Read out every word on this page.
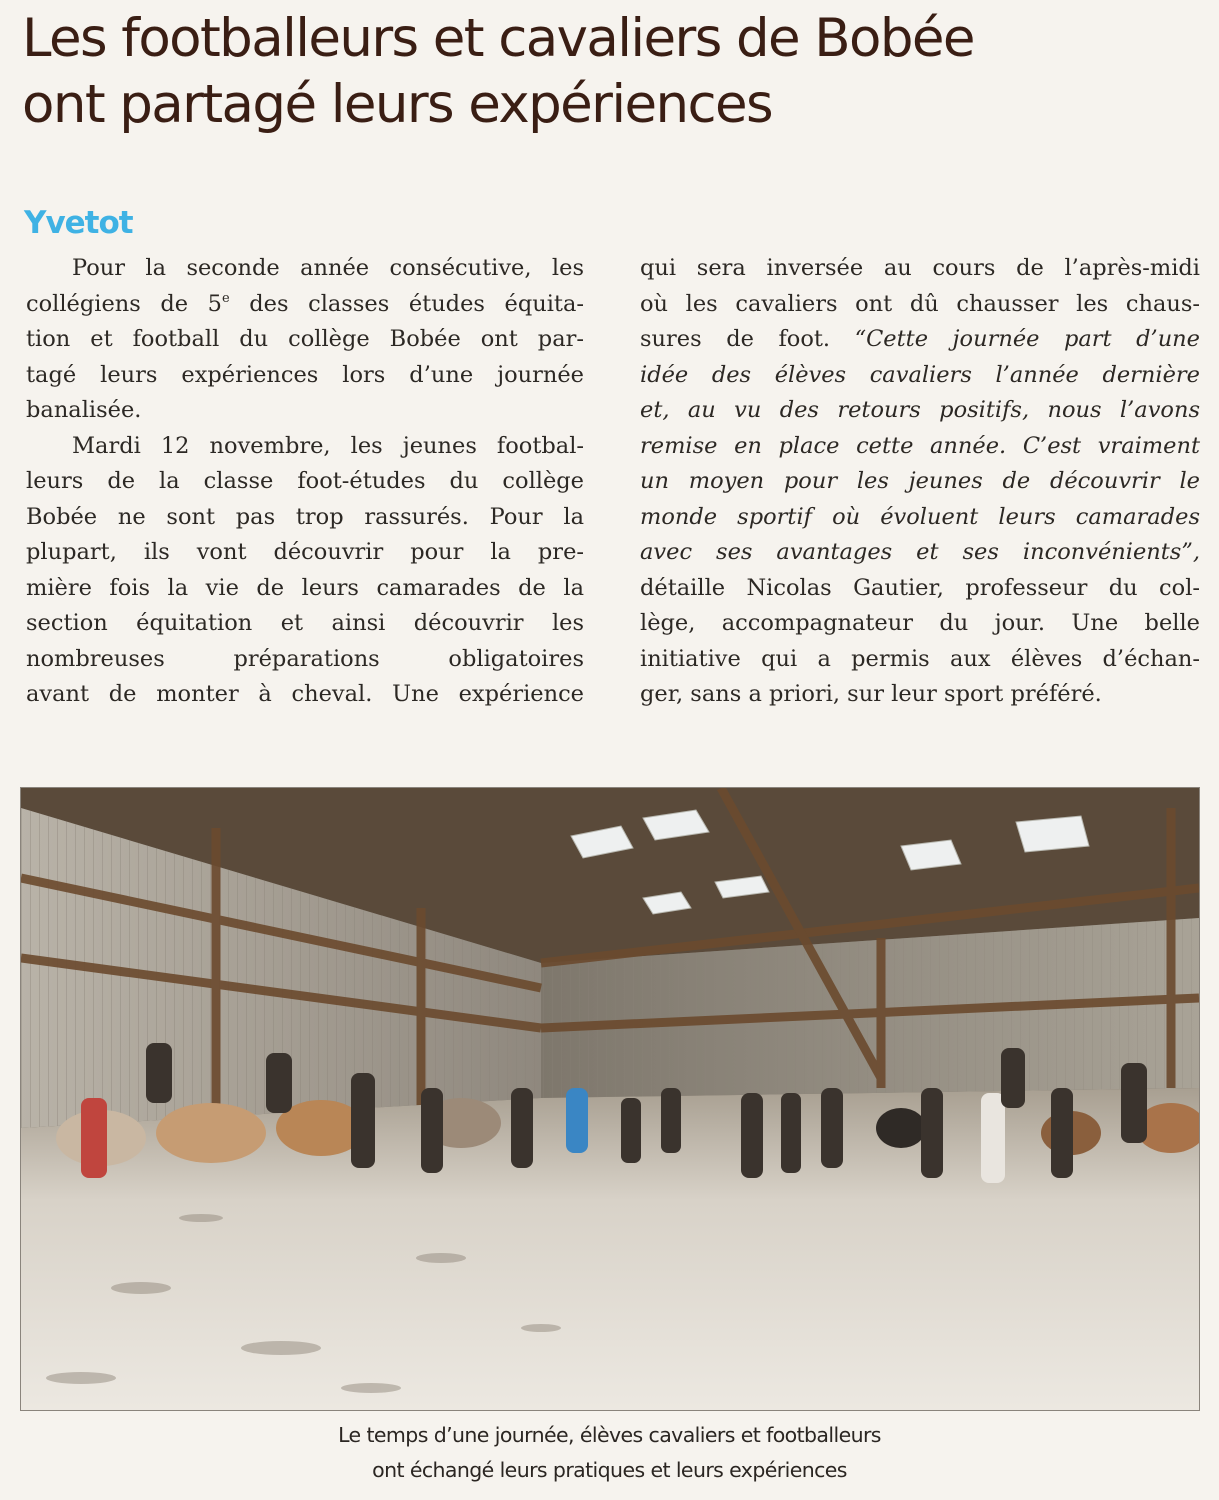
Les footballeurs et cavaliers de Bobée
ont partagé leurs expériences
Yvetot
Pour la seconde année consécutive, les
collégiens de 5e des classes études équita-
tion et football du collège Bobée ont par-
tagé leurs expériences lors d’une journée
banalisée.
Mardi 12 novembre, les jeunes footbal-
leurs de la classe foot-études du collège
Bobée ne sont pas trop rassurés. Pour la
plupart, ils vont découvrir pour la pre-
mière fois la vie de leurs camarades de la
section équitation et ainsi découvrir les
nombreuses préparations obligatoires
avant de monter à cheval. Une expérience
qui sera inversée au cours de l’après-midi
où les cavaliers ont dû chausser les chaus-
sures de foot. “Cette journée part d’une
idée des élèves cavaliers l’année dernière
et, au vu des retours positifs, nous l’avons
remise en place cette année. C’est vraiment
un moyen pour les jeunes de découvrir le
monde sportif où évoluent leurs camarades
avec ses avantages et ses inconvénients”,
détaille Nicolas Gautier, professeur du col-
lège, accompagnateur du jour. Une belle
initiative qui a permis aux élèves d’échan-
ger, sans a priori, sur leur sport préféré.
Le temps d’une journée, élèves cavaliers et footballeurs
ont échangé leurs pratiques et leurs expériences
